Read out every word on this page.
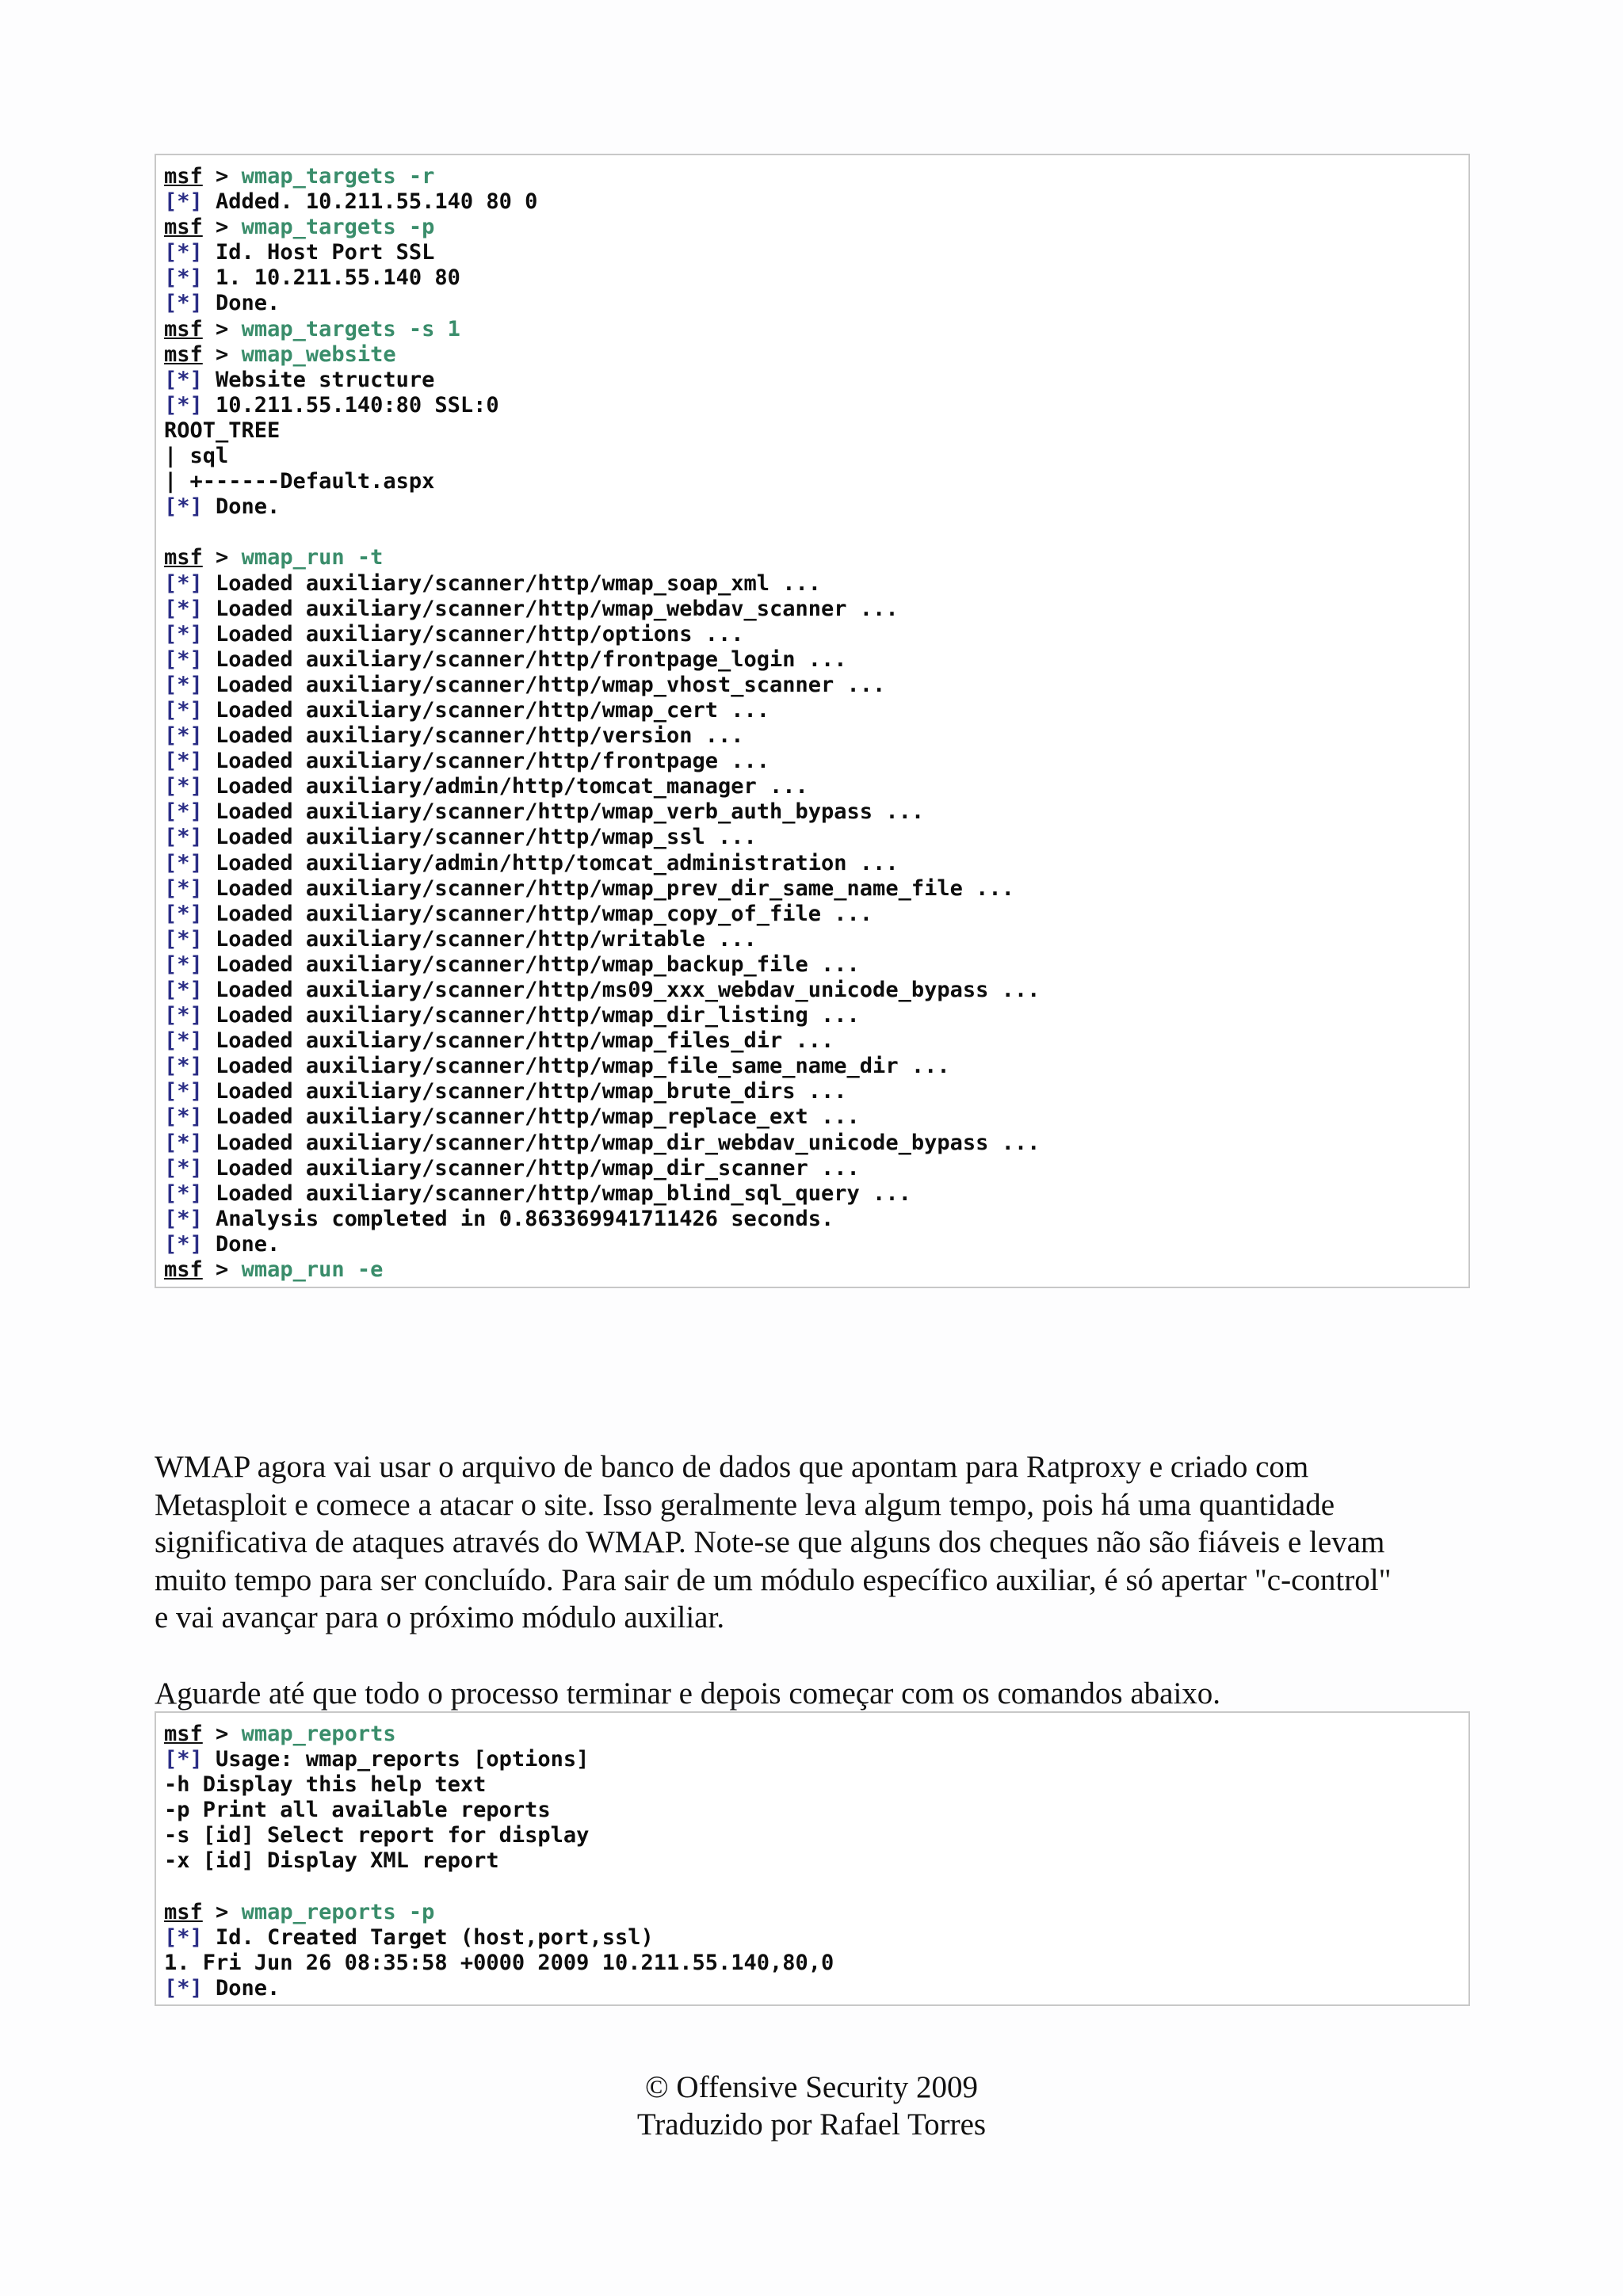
msf > wmap_targets -r
[*] Added. 10.211.55.140 80 0
msf > wmap_targets -p
[*] Id. Host Port SSL
[*] 1. 10.211.55.140 80
[*] Done.
msf > wmap_targets -s 1
msf > wmap_website
[*] Website structure
[*] 10.211.55.140:80 SSL:0
ROOT_TREE
| sql
| +------Default.aspx
[*] Done.
msf > wmap_run -t
[*] Loaded auxiliary/scanner/http/wmap_soap_xml ...
[*] Loaded auxiliary/scanner/http/wmap_webdav_scanner ...
[*] Loaded auxiliary/scanner/http/options ...
[*] Loaded auxiliary/scanner/http/frontpage_login ...
[*] Loaded auxiliary/scanner/http/wmap_vhost_scanner ...
[*] Loaded auxiliary/scanner/http/wmap_cert ...
[*] Loaded auxiliary/scanner/http/version ...
[*] Loaded auxiliary/scanner/http/frontpage ...
[*] Loaded auxiliary/admin/http/tomcat_manager ...
[*] Loaded auxiliary/scanner/http/wmap_verb_auth_bypass ...
[*] Loaded auxiliary/scanner/http/wmap_ssl ...
[*] Loaded auxiliary/admin/http/tomcat_administration ...
[*] Loaded auxiliary/scanner/http/wmap_prev_dir_same_name_file ...
[*] Loaded auxiliary/scanner/http/wmap_copy_of_file ...
[*] Loaded auxiliary/scanner/http/writable ...
[*] Loaded auxiliary/scanner/http/wmap_backup_file ...
[*] Loaded auxiliary/scanner/http/ms09_xxx_webdav_unicode_bypass ...
[*] Loaded auxiliary/scanner/http/wmap_dir_listing ...
[*] Loaded auxiliary/scanner/http/wmap_files_dir ...
[*] Loaded auxiliary/scanner/http/wmap_file_same_name_dir ...
[*] Loaded auxiliary/scanner/http/wmap_brute_dirs ...
[*] Loaded auxiliary/scanner/http/wmap_replace_ext ...
[*] Loaded auxiliary/scanner/http/wmap_dir_webdav_unicode_bypass ...
[*] Loaded auxiliary/scanner/http/wmap_dir_scanner ...
[*] Loaded auxiliary/scanner/http/wmap_blind_sql_query ...
[*] Analysis completed in 0.863369941711426 seconds.
[*] Done.
msf > wmap_run -e
WMAP agora vai usar o arquivo de banco de dados que apontam para Ratproxy e criado com
Metasploit e comece a atacar o site. Isso geralmente leva algum tempo, pois há uma quantidade
significativa de ataques através do WMAP. Note-se que alguns dos cheques não são fiáveis e levam
muito tempo para ser concluído. Para sair de um módulo específico auxiliar, é só apertar "c-control"
e vai avançar para o próximo módulo auxiliar.
Aguarde até que todo o processo terminar e depois começar com os comandos abaixo.
msf > wmap_reports
[*] Usage: wmap_reports [options]
-h Display this help text
-p Print all available reports
-s [id] Select report for display
-x [id] Display XML report
msf > wmap_reports -p
[*] Id. Created Target (host,port,ssl)
1. Fri Jun 26 08:35:58 +0000 2009 10.211.55.140,80,0
[*] Done.
© Offensive Security 2009
Traduzido por Rafael Torres
